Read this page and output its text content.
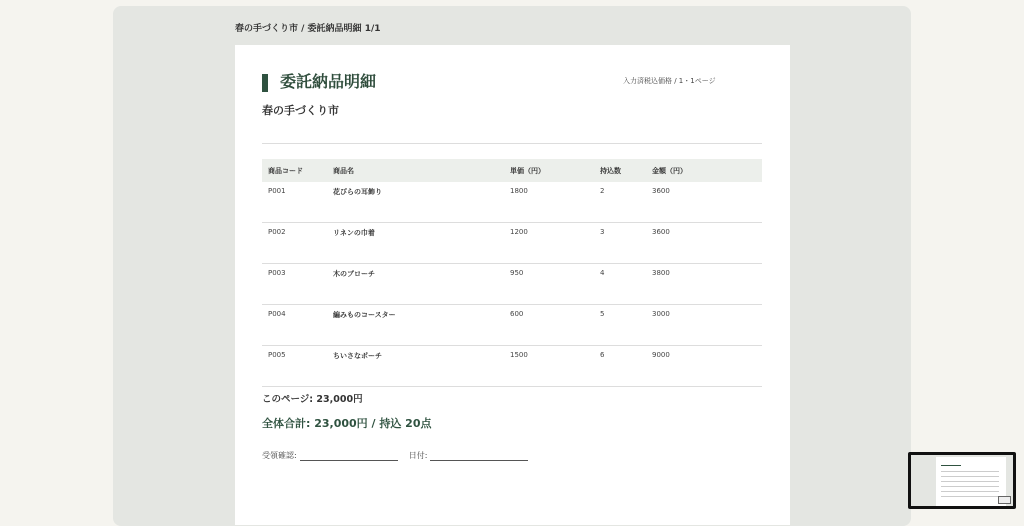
春の手づくり市 / 委託納品明細 1/1
委託納品明細	入力済税込価格 / 1・1ページ
春の手づくり市
商品コード	商品名	単価（円）	持込数	金額（円）
P001	花びらの耳飾り	1800	2	3600
P002	リネンの巾着	1200	3	3600
P003	木のブローチ	950	4	3800
P004	編みものコースター	600	5	3000
P005	ちいさなポーチ	1500	6	9000
このページ: 23,000円
全体合計: 23,000円 / 持込 20点
受領確認:	日付:
